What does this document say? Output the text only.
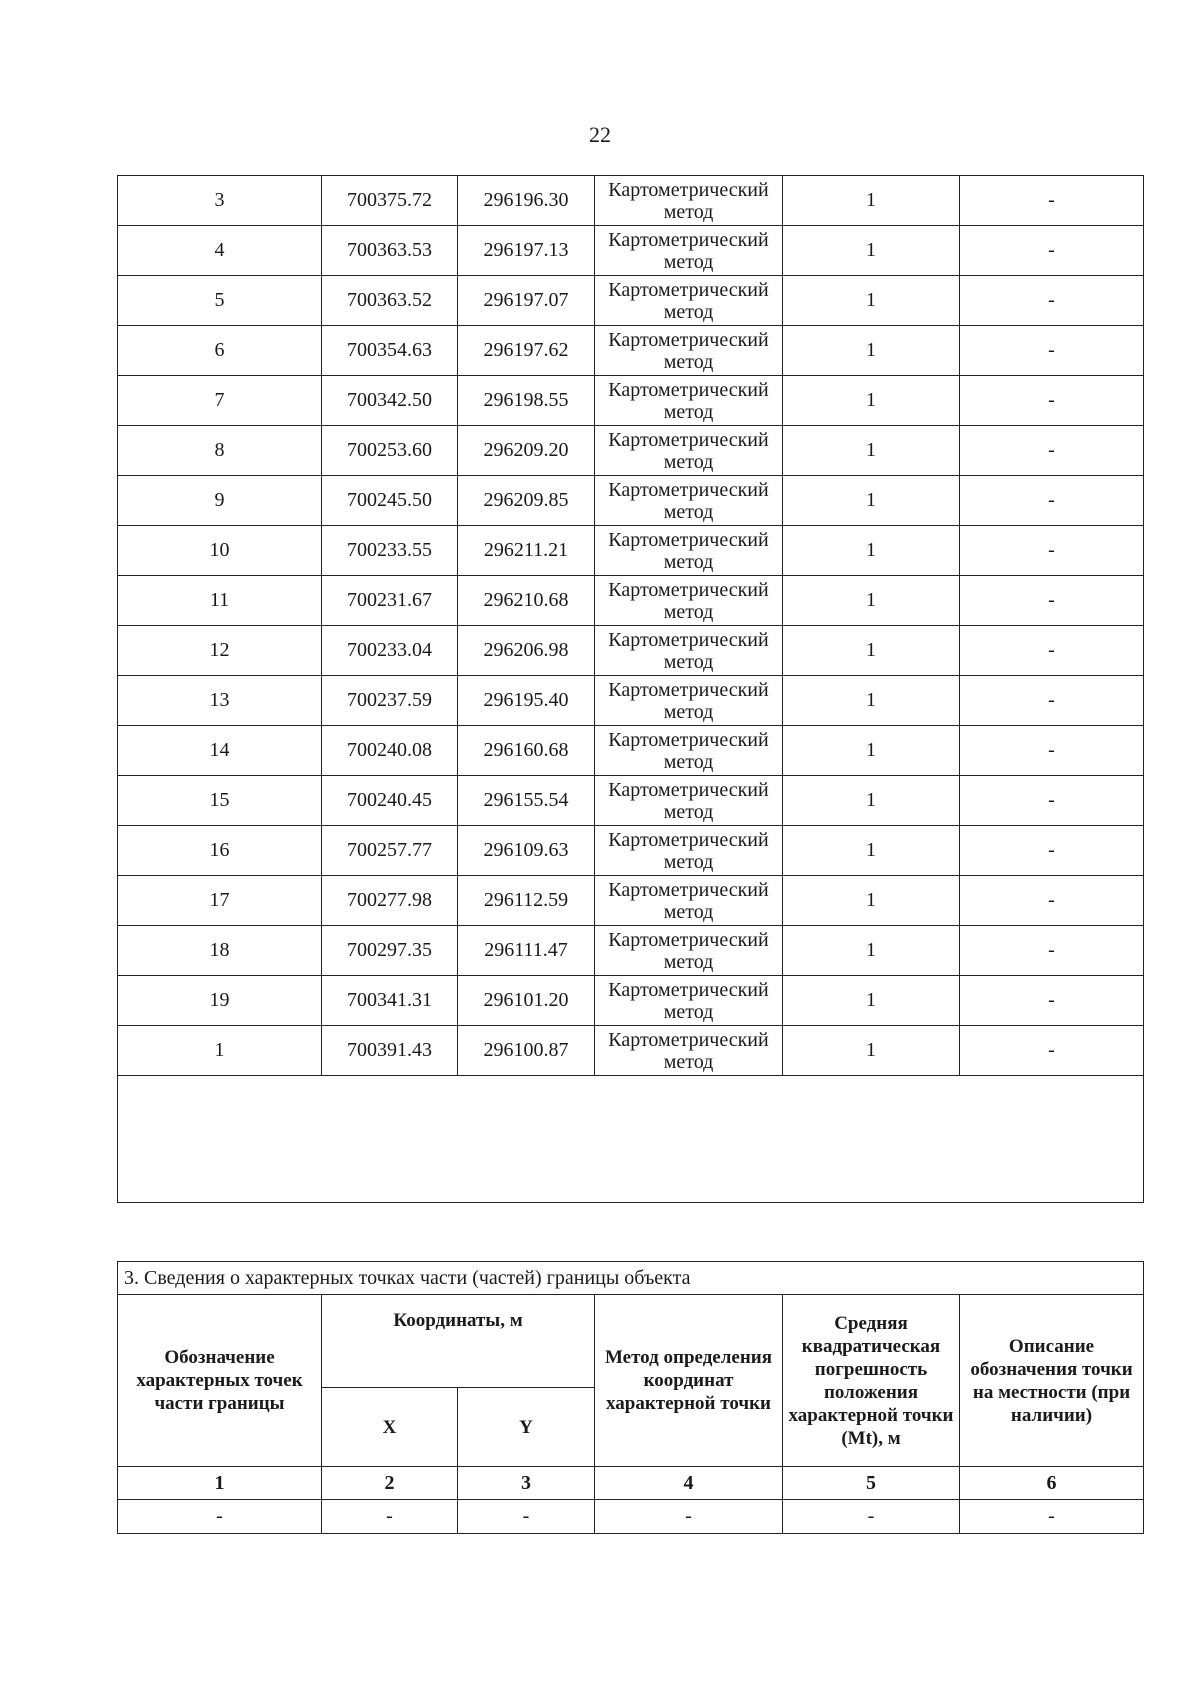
22
3	700375.72	296196.30	Картометрический метод	1	-
4	700363.53	296197.13	Картометрический метод	1	-
5	700363.52	296197.07	Картометрический метод	1	-
6	700354.63	296197.62	Картометрический метод	1	-
7	700342.50	296198.55	Картометрический метод	1	-
8	700253.60	296209.20	Картометрический метод	1	-
9	700245.50	296209.85	Картометрический метод	1	-
10	700233.55	296211.21	Картометрический метод	1	-
11	700231.67	296210.68	Картометрический метод	1	-
12	700233.04	296206.98	Картометрический метод	1	-
13	700237.59	296195.40	Картометрический метод	1	-
14	700240.08	296160.68	Картометрический метод	1	-
15	700240.45	296155.54	Картометрический метод	1	-
16	700257.77	296109.63	Картометрический метод	1	-
17	700277.98	296112.59	Картометрический метод	1	-
18	700297.35	296111.47	Картометрический метод	1	-
19	700341.31	296101.20	Картометрический метод	1	-
1	700391.43	296100.87	Картометрический метод	1	-

3. Сведения о характерных точках части (частей) границы объекта					
Обозначение характерных точек части границы	Координаты, м		Метод определения координат характерной точки	Средняя квадратическая погрешность положения характерной точки (Mt), м	Описание обозначения точки на местности (при наличии)
	X	Y			
1	2	3	4	5	6
-	-	-	-	-	-
